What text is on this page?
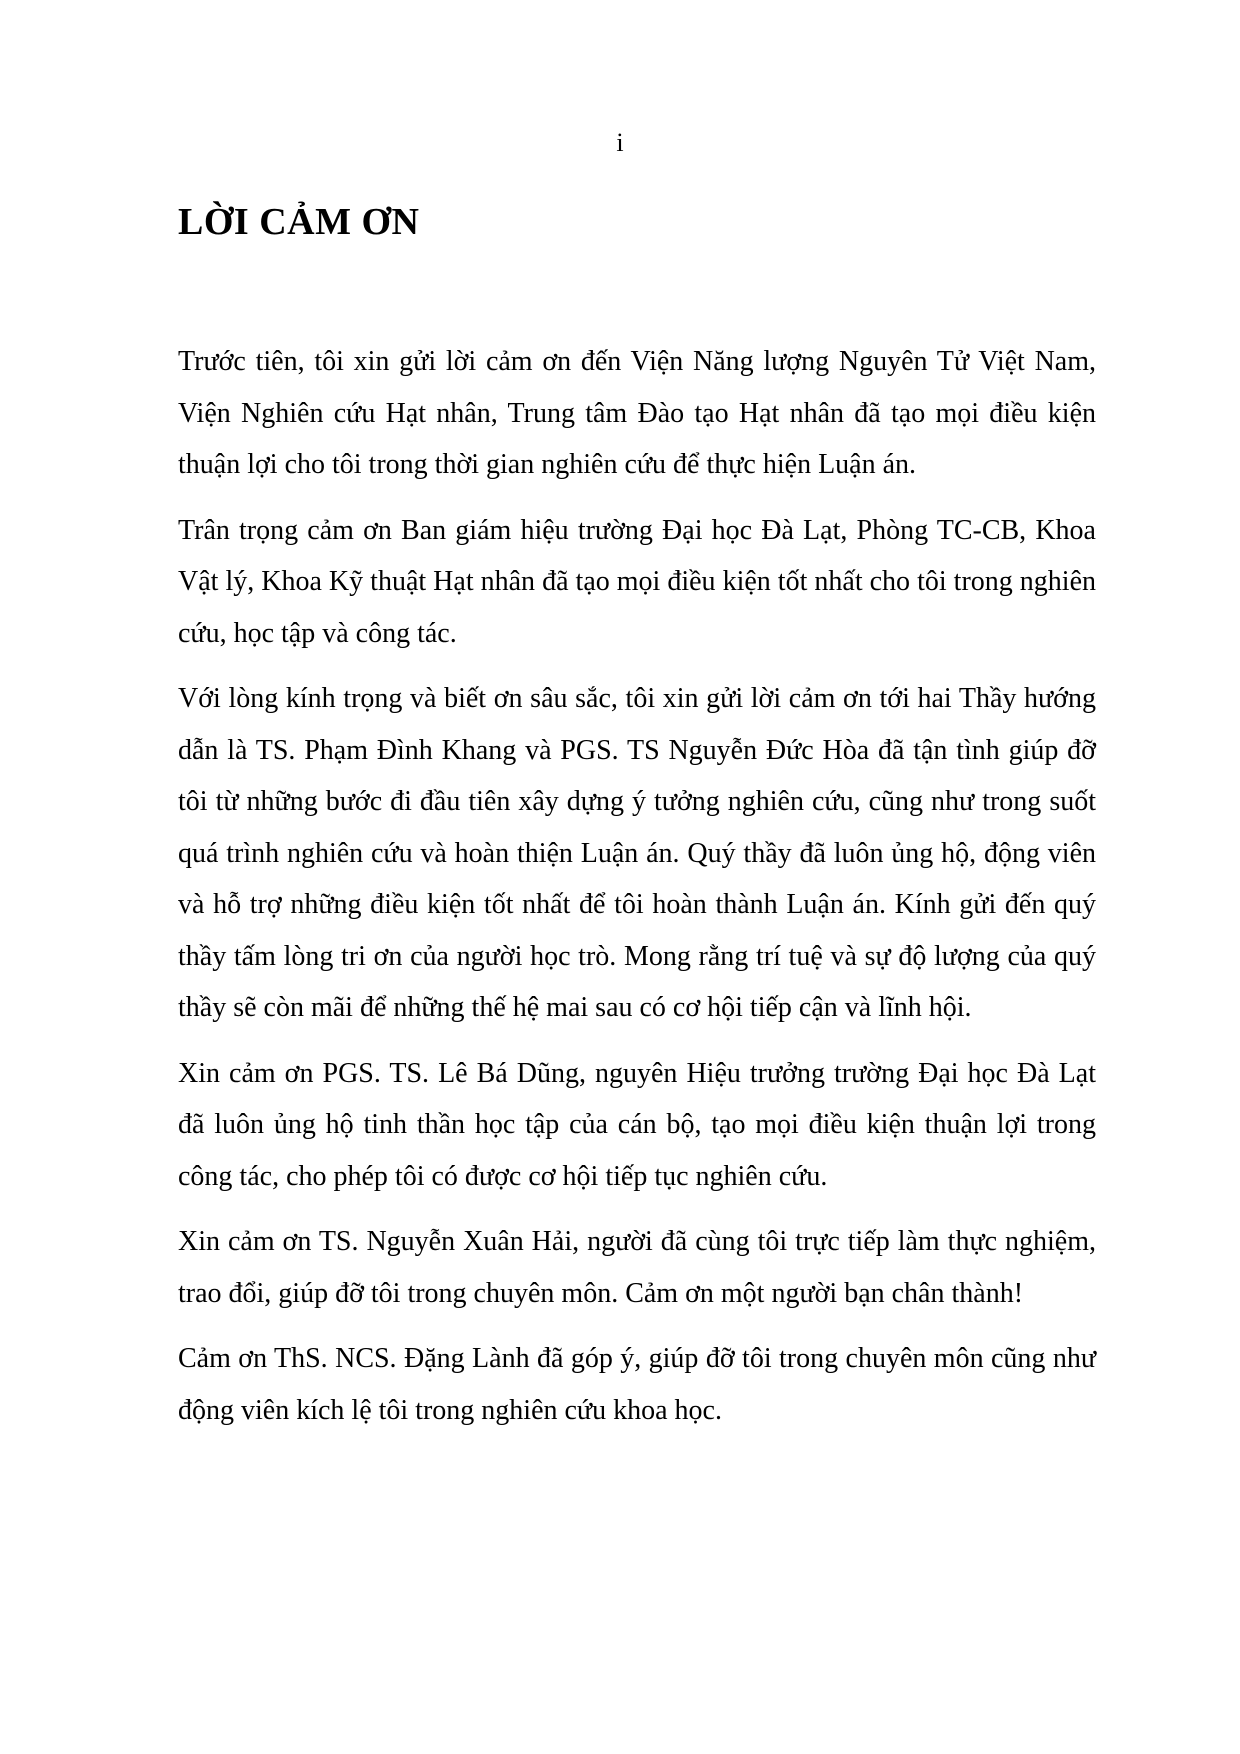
i
LỜI CẢM ƠN

Trước tiên, tôi xin gửi lời cảm ơn đến Viện Năng lượng Nguyên Tử Việt Nam, Viện Nghiên cứu Hạt nhân, Trung tâm Đào tạo Hạt nhân đã tạo mọi điều kiện thuận lợi cho tôi trong thời gian nghiên cứu để thực hiện Luận án.

Trân trọng cảm ơn Ban giám hiệu trường Đại học Đà Lạt, Phòng TC-CB, Khoa Vật lý, Khoa Kỹ thuật Hạt nhân đã tạo mọi điều kiện tốt nhất cho tôi trong nghiên cứu, học tập và công tác.

Với lòng kính trọng và biết ơn sâu sắc, tôi xin gửi lời cảm ơn tới hai Thầy hướng dẫn là TS. Phạm Đình Khang và PGS. TS Nguyễn Đức Hòa đã tận tình giúp đỡ tôi từ những bước đi đầu tiên xây dựng ý tưởng nghiên cứu, cũng như trong suốt quá trình nghiên cứu và hoàn thiện Luận án. Quý thầy đã luôn ủng hộ, động viên và hỗ trợ những điều kiện tốt nhất để tôi hoàn thành Luận án. Kính gửi đến quý thầy tấm lòng tri ơn của người học trò. Mong rằng trí tuệ và sự độ lượng của quý thầy sẽ còn mãi để những thế hệ mai sau có cơ hội tiếp cận và lĩnh hội.

Xin cảm ơn PGS. TS. Lê Bá Dũng, nguyên Hiệu trưởng trường Đại học Đà Lạt đã luôn ủng hộ tinh thần học tập của cán bộ, tạo mọi điều kiện thuận lợi trong công tác, cho phép tôi có được cơ hội tiếp tục nghiên cứu.

Xin cảm ơn TS. Nguyễn Xuân Hải, người đã cùng tôi trực tiếp làm thực nghiệm, trao đổi, giúp đỡ tôi trong chuyên môn. Cảm ơn một người bạn chân thành!

Cảm ơn ThS. NCS. Đặng Lành đã góp ý, giúp đỡ tôi trong chuyên môn cũng như động viên kích lệ tôi trong nghiên cứu khoa học.
